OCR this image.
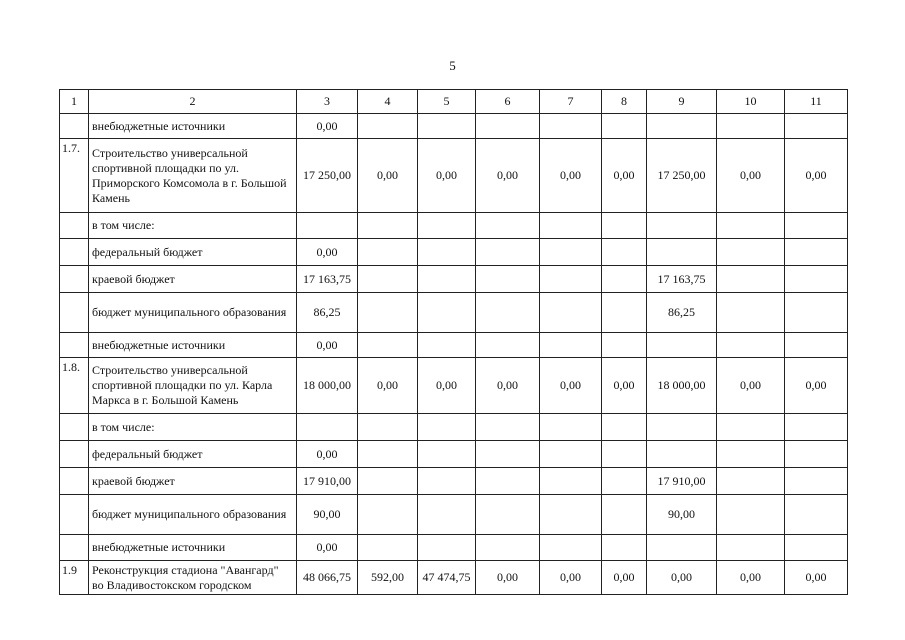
5
1	2	3	4	5	6	7	8	9	10	11
	внебюджетные источники	0,00								
1.7.	Строительство универсальной спортивной площадки по ул. Приморского Комсомола в г. Большой Камень	17 250,00	0,00	0,00	0,00	0,00	0,00	17 250,00	0,00	0,00
	в том числе:									
	федеральный бюджет	0,00								
	краевой бюджет	17 163,75						17 163,75		
	бюджет муниципального образования	86,25						86,25		
	внебюджетные источники	0,00								
1.8.	Строительство универсальной спортивной площадки по ул. Карла Маркса в г. Большой Камень	18 000,00	0,00	0,00	0,00	0,00	0,00	18 000,00	0,00	0,00
	в том числе:									
	федеральный бюджет	0,00								
	краевой бюджет	17 910,00						17 910,00		
	бюджет муниципального образования	90,00						90,00		
	внебюджетные источники	0,00								
1.9	Реконструкция стадиона "Авангард" во Владивостокском городском	48 066,75	592,00	47 474,75	0,00	0,00	0,00	0,00	0,00	0,00
